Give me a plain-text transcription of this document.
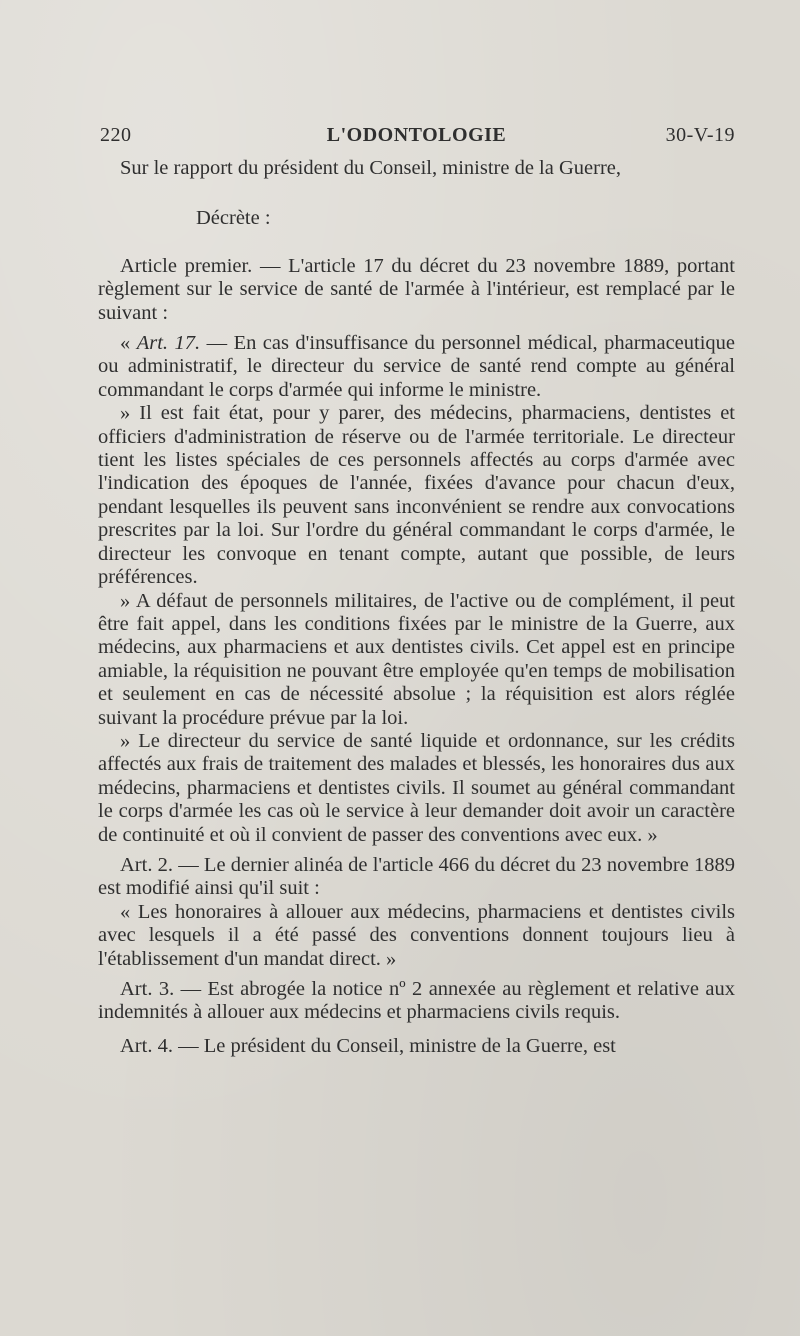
220	L'ODONTOLOGIE	30-V-19

Sur le rapport du président du Conseil, ministre de la Guerre,

Décrète :

Article premier. — L'article 17 du décret du 23 novembre 1889, portant règlement sur le service de santé de l'armée à l'intérieur, est remplacé par le suivant :

« Art. 17. — En cas d'insuffisance du personnel médical, pharmaceutique ou administratif, le directeur du service de santé rend compte au général commandant le corps d'armée qui informe le ministre.

» Il est fait état, pour y parer, des médecins, pharmaciens, dentistes et officiers d'administration de réserve ou de l'armée territoriale. Le directeur tient les listes spéciales de ces personnels affectés au corps d'armée avec l'indication des époques de l'année, fixées d'avance pour chacun d'eux, pendant lesquelles ils peuvent sans inconvénient se rendre aux convocations prescrites par la loi. Sur l'ordre du général commandant le corps d'armée, le directeur les convoque en tenant compte, autant que possible, de leurs préférences.

» A défaut de personnels militaires, de l'active ou de complément, il peut être fait appel, dans les conditions fixées par le ministre de la Guerre, aux médecins, aux pharmaciens et aux dentistes civils. Cet appel est en principe amiable, la réquisition ne pouvant être employée qu'en temps de mobilisation et seulement en cas de nécessité absolue ; la réquisition est alors réglée suivant la procédure prévue par la loi.

» Le directeur du service de santé liquide et ordonnance, sur les crédits affectés aux frais de traitement des malades et blessés, les honoraires dus aux médecins, pharmaciens et dentistes civils. Il soumet au général commandant le corps d'armée les cas où le service à leur demander doit avoir un caractère de continuité et où il convient de passer des conventions avec eux. »

Art. 2. — Le dernier alinéa de l'article 466 du décret du 23 novembre 1889 est modifié ainsi qu'il suit :

« Les honoraires à allouer aux médecins, pharmaciens et dentistes civils avec lesquels il a été passé des conventions donnent toujours lieu à l'établissement d'un mandat direct. »

Art. 3. — Est abrogée la notice nº 2 annexée au règlement et relative aux indemnités à allouer aux médecins et pharmaciens civils requis.

Art. 4. — Le président du Conseil, ministre de la Guerre, est
